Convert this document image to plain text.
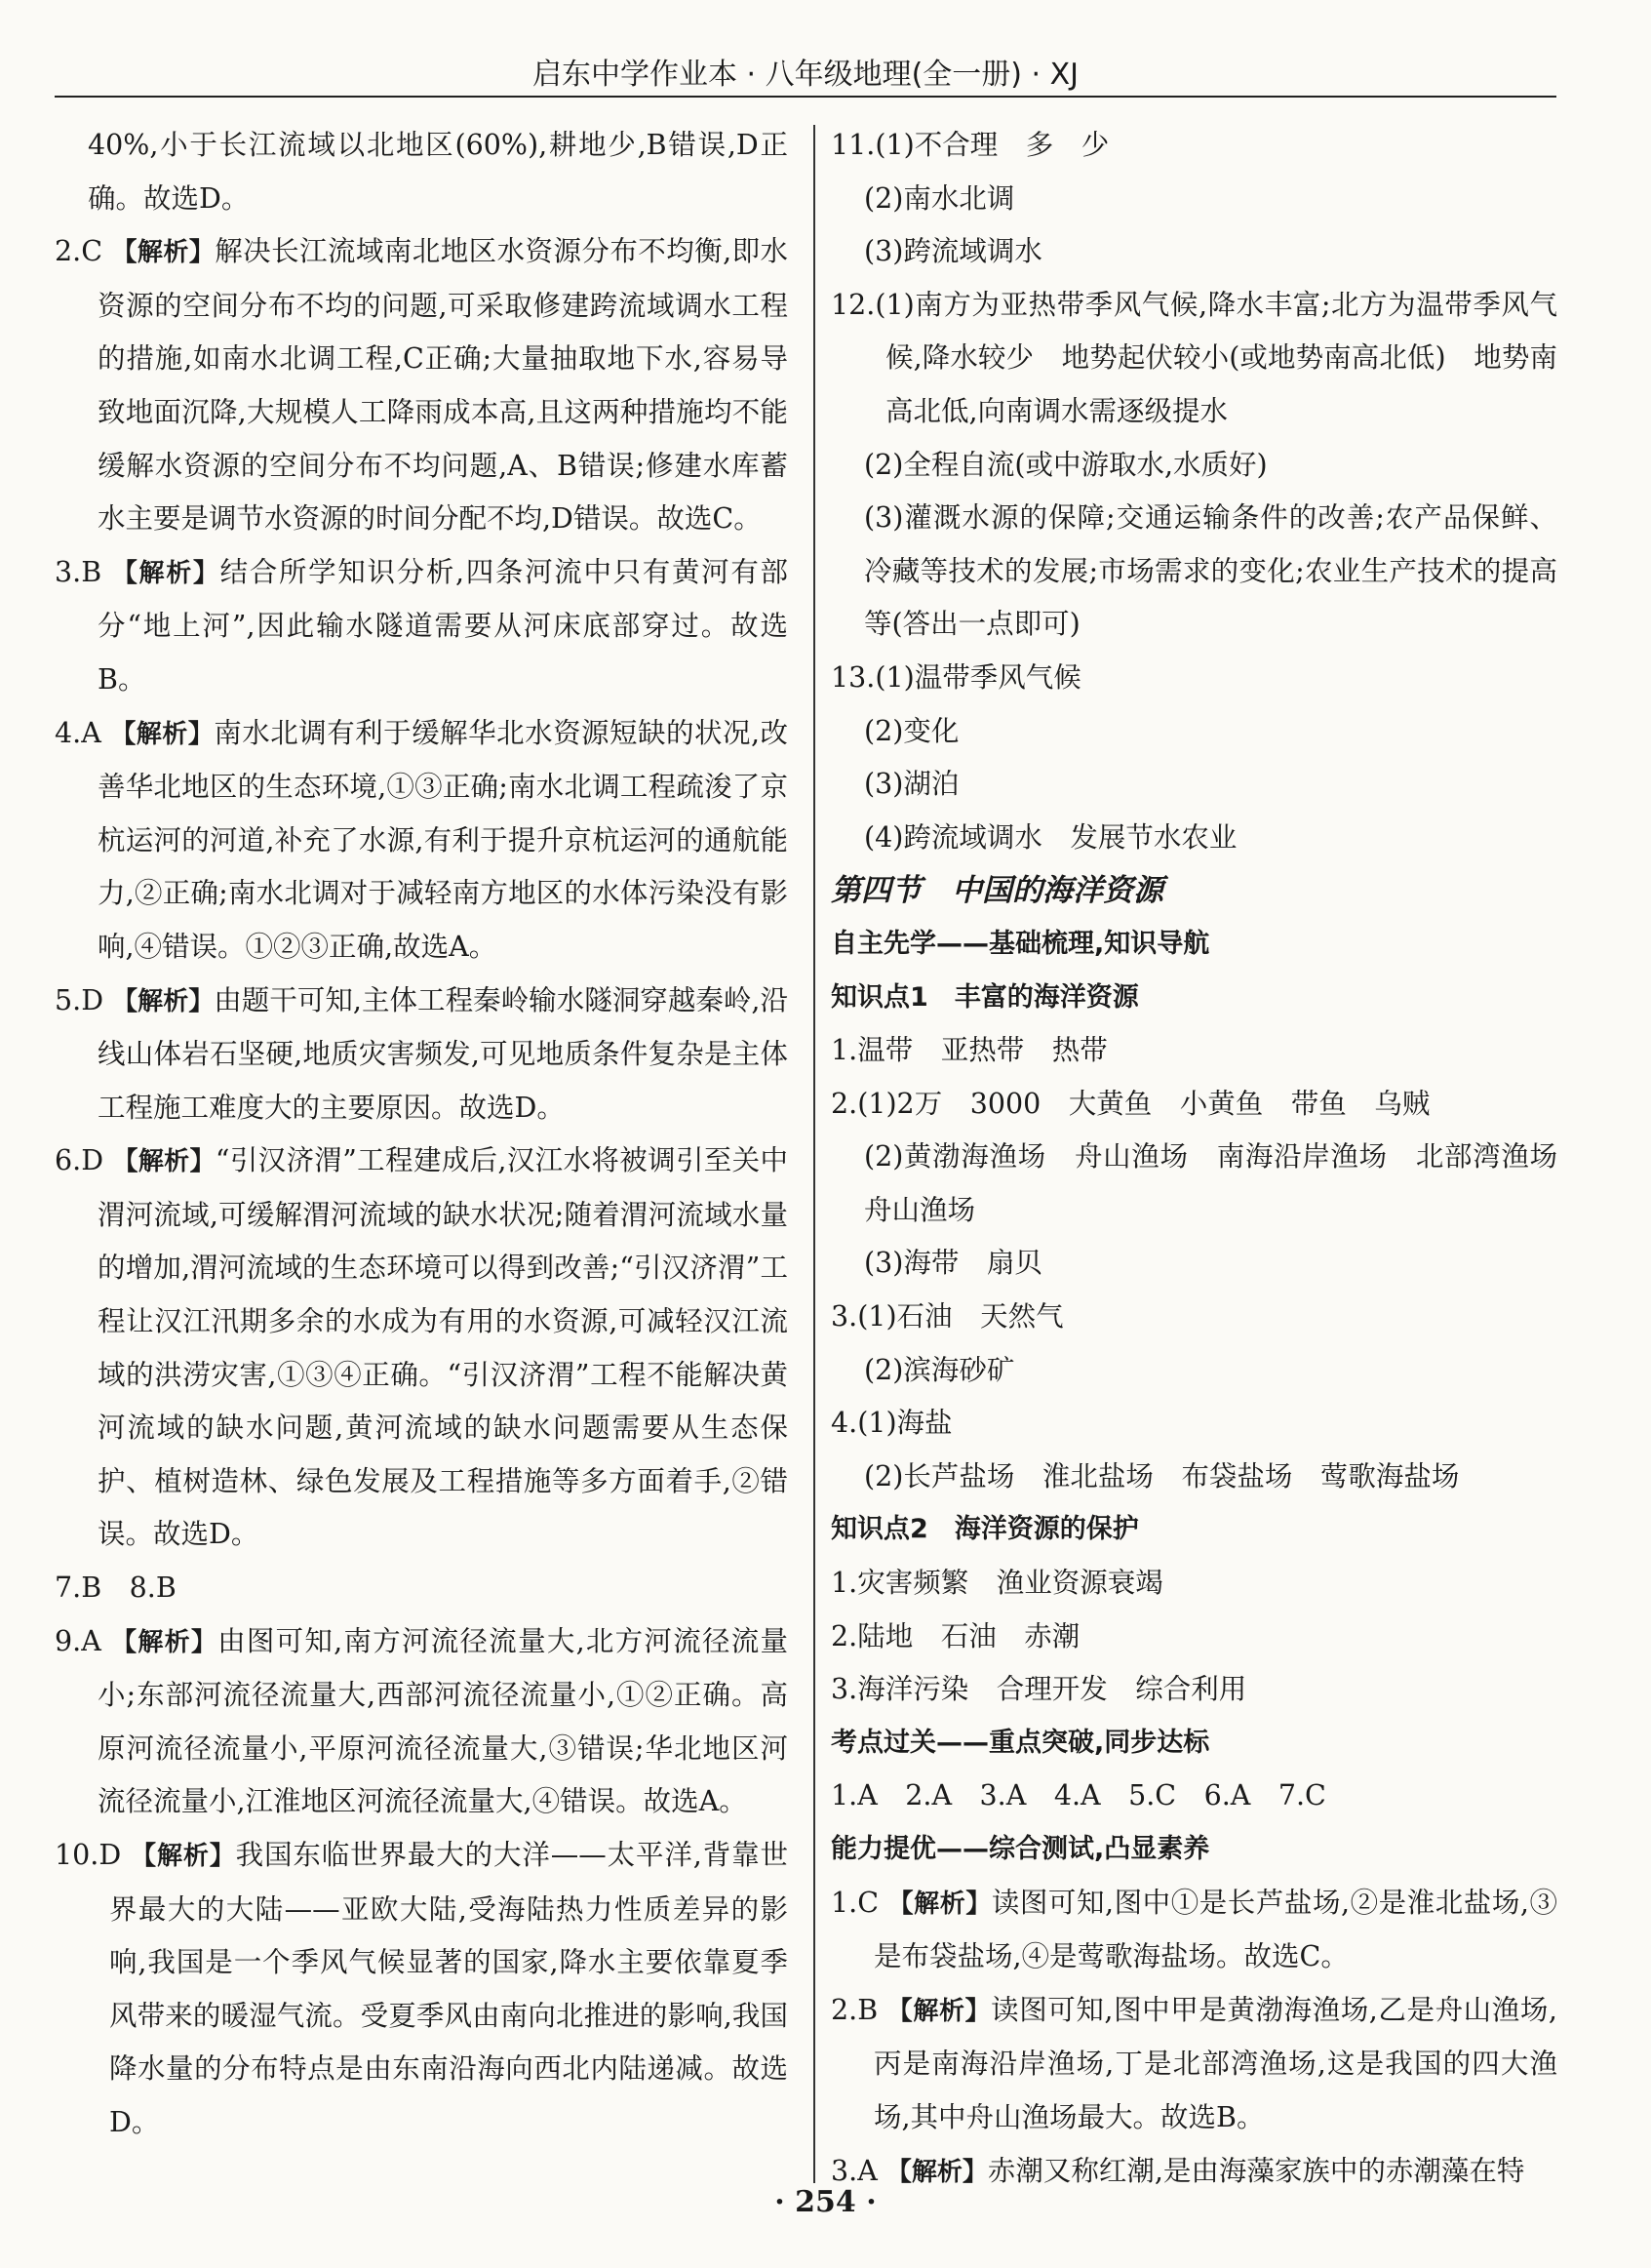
启东中学作业本 · 八年级地理(全一册) · XJ

40%,小于长江流域以北地区(60%),耕地少,B错误,D正确。故选D。

2.C 【解析】解决长江流域南北地区水资源分布不均衡,即水资源的空间分布不均的问题,可采取修建跨流域调水工程的措施,如南水北调工程,C正确;大量抽取地下水,容易导致地面沉降,大规模人工降雨成本高,且这两种措施均不能缓解水资源的空间分布不均问题,A、B错误;修建水库蓄水主要是调节水资源的时间分配不均,D错误。故选C。

3.B 【解析】结合所学知识分析,四条河流中只有黄河有部分“地上河”,因此输水隧道需要从河床底部穿过。故选B。

4.A 【解析】南水北调有利于缓解华北水资源短缺的状况,改善华北地区的生态环境,①③正确;南水北调工程疏浚了京杭运河的河道,补充了水源,有利于提升京杭运河的通航能力,②正确;南水北调对于减轻南方地区的水体污染没有影响,④错误。①②③正确,故选A。

5.D 【解析】由题干可知,主体工程秦岭输水隧洞穿越秦岭,沿线山体岩石坚硬,地质灾害频发,可见地质条件复杂是主体工程施工难度大的主要原因。故选D。

6.D 【解析】“引汉济渭”工程建成后,汉江水将被调引至关中渭河流域,可缓解渭河流域的缺水状况;随着渭河流域水量的增加,渭河流域的生态环境可以得到改善;“引汉济渭”工程让汉江汛期多余的水成为有用的水资源,可减轻汉江流域的洪涝灾害,①③④正确。“引汉济渭”工程不能解决黄河流域的缺水问题,黄河流域的缺水问题需要从生态保护、植树造林、绿色发展及工程措施等多方面着手,②错误。故选D。

7.B　8.B

9.A 【解析】由图可知,南方河流径流量大,北方河流径流量小;东部河流径流量大,西部河流径流量小,①②正确。高原河流径流量小,平原河流径流量大,③错误;华北地区河流径流量小,江淮地区河流径流量大,④错误。故选A。

10.D 【解析】我国东临世界最大的大洋——太平洋,背靠世界最大的大陆——亚欧大陆,受海陆热力性质差异的影响,我国是一个季风气候显著的国家,降水主要依靠夏季风带来的暖湿气流。受夏季风由南向北推进的影响,我国降水量的分布特点是由东南沿海向西北内陆递减。故选D。

11.(1)不合理　多　少

(2)南水北调

(3)跨流域调水

12.(1)南方为亚热带季风气候,降水丰富;北方为温带季风气候,降水较少　地势起伏较小(或地势南高北低)　地势南高北低,向南调水需逐级提水

(2)全程自流(或中游取水,水质好)

(3)灌溉水源的保障;交通运输条件的改善;农产品保鲜、冷藏等技术的发展;市场需求的变化;农业生产技术的提高等(答出一点即可)

13.(1)温带季风气候

(2)变化

(3)湖泊

(4)跨流域调水　发展节水农业

第四节　中国的海洋资源

自主先学——基础梳理,知识导航

知识点1　丰富的海洋资源

1.温带　亚热带　热带

2.(1)2万　3000　大黄鱼　小黄鱼　带鱼　乌贼

(2)黄渤海渔场　舟山渔场　南海沿岸渔场　北部湾渔场　舟山渔场

(3)海带　扇贝

3.(1)石油　天然气

(2)滨海砂矿

4.(1)海盐

(2)长芦盐场　淮北盐场　布袋盐场　莺歌海盐场

知识点2　海洋资源的保护

1.灾害频繁　渔业资源衰竭

2.陆地　石油　赤潮

3.海洋污染　合理开发　综合利用

考点过关——重点突破,同步达标

1.A　2.A　3.A　4.A　5.C　6.A　7.C

能力提优——综合测试,凸显素养

1.C 【解析】读图可知,图中①是长芦盐场,②是淮北盐场,③是布袋盐场,④是莺歌海盐场。故选C。

2.B 【解析】读图可知,图中甲是黄渤海渔场,乙是舟山渔场,丙是南海沿岸渔场,丁是北部湾渔场,这是我国的四大渔场,其中舟山渔场最大。故选B。

3.A 【解析】赤潮又称红潮,是由海藻家族中的赤潮藻在特

· 254 ·
